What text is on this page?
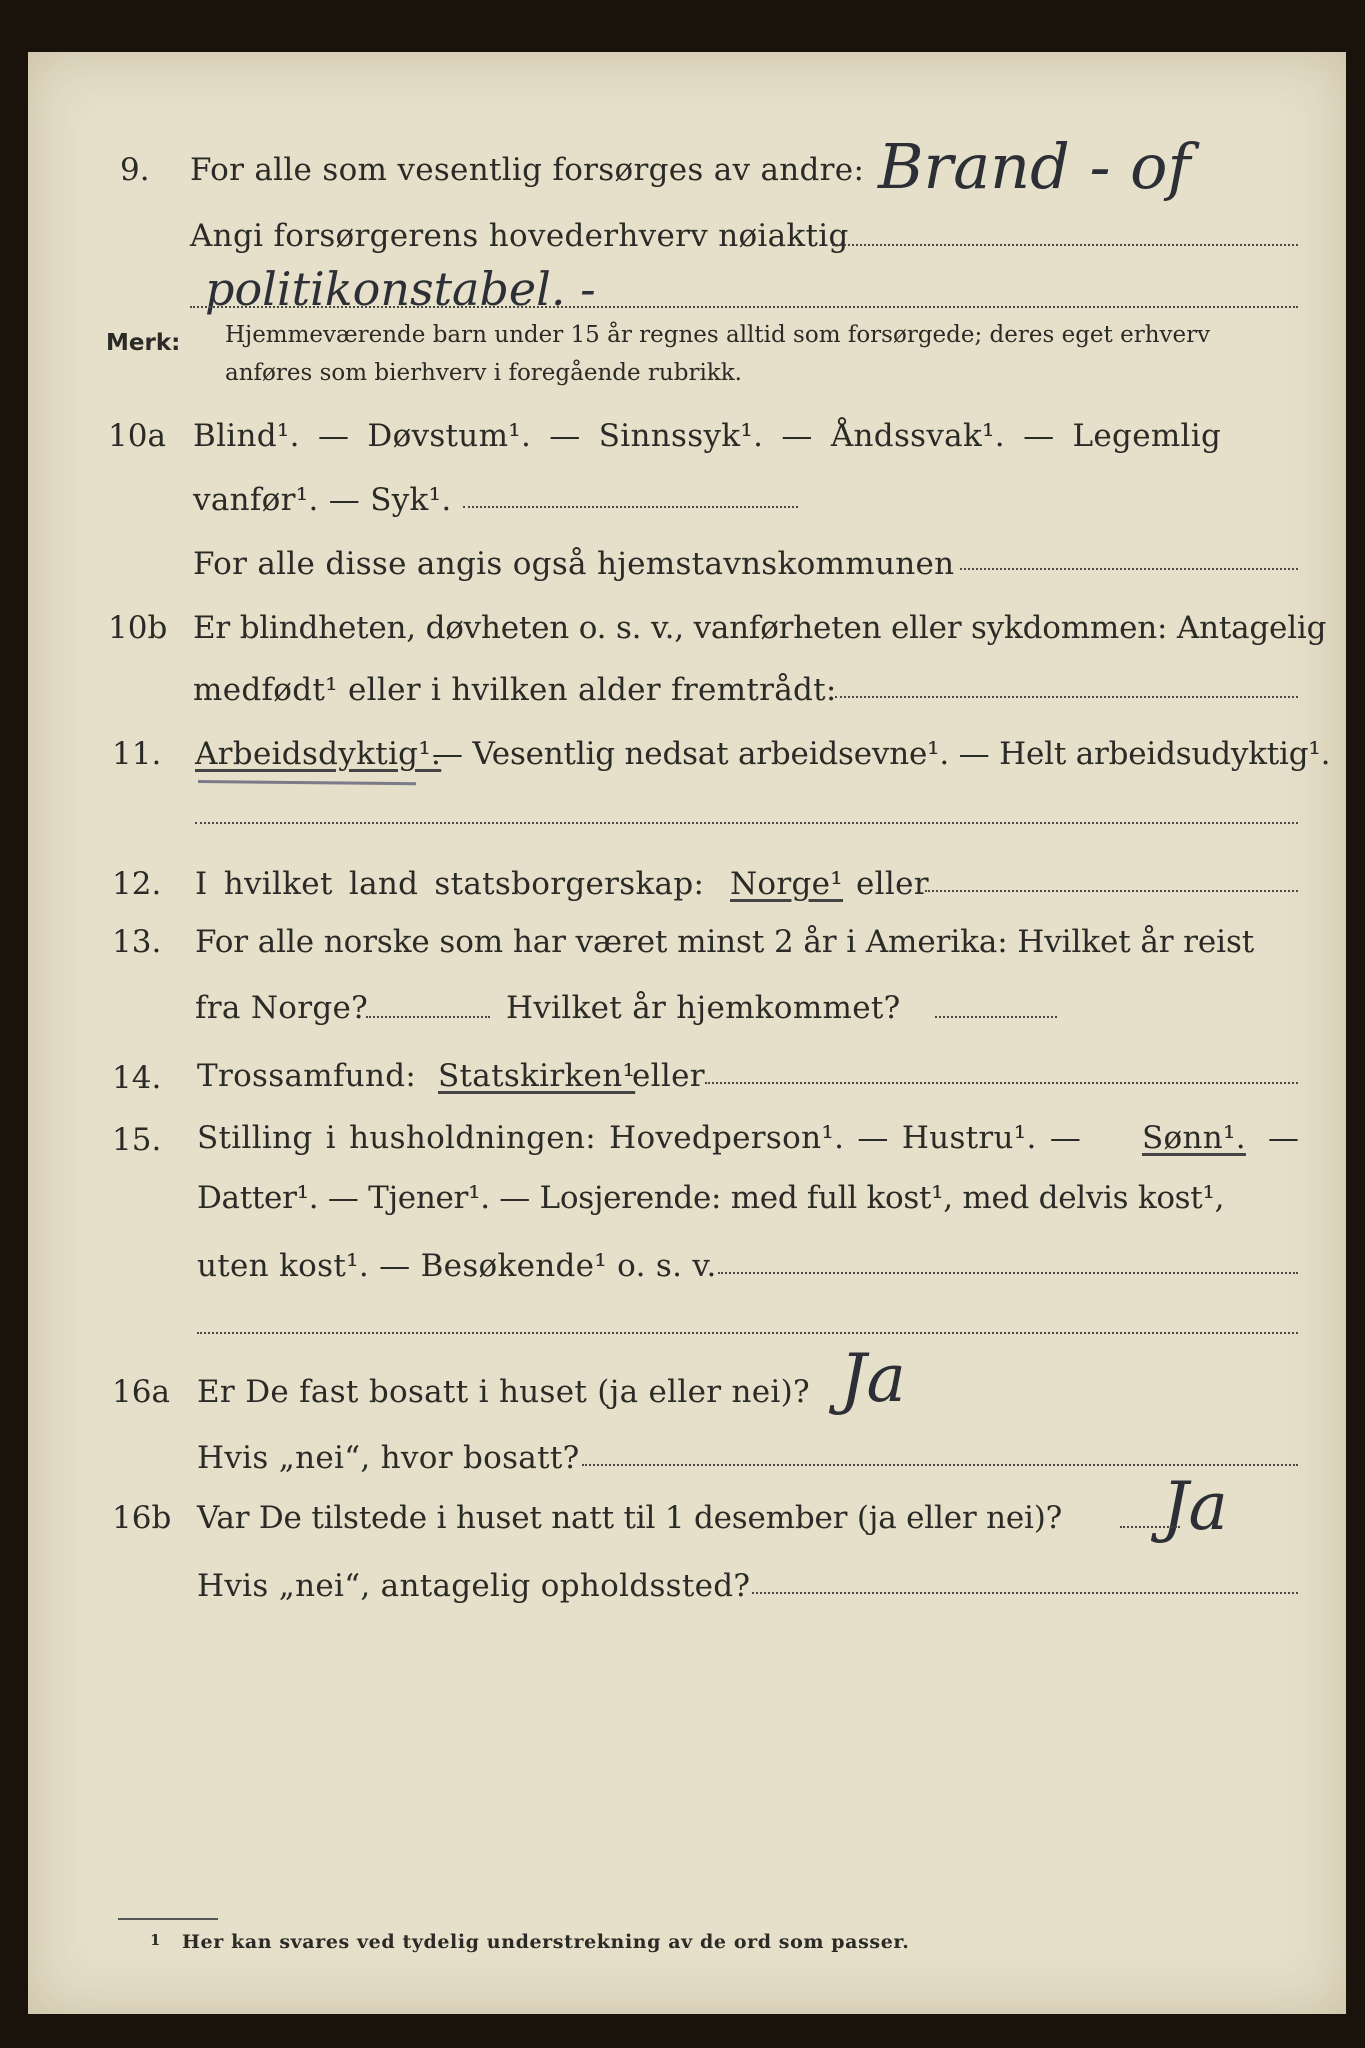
9. For alle som vesentlig forsørges av andre: Brand - of
Angi forsørgerens hovederhverv nøiaktig
politikonstabel. -
Merk: Hjemmeværende barn under 15 år regnes alltid som forsørgede; deres eget erhverv
anføres som bierhverv i foregående rubrikk.
10a Blind¹. — Døvstum¹. — Sinnssyk¹. — Åndssvak¹. — Legemlig
vanfør¹. — Syk¹.
For alle disse angis også hjemstavnskommunen
10b Er blindheten, døvheten o. s. v., vanførheten eller sykdommen: Antagelig
medfødt¹ eller i hvilken alder fremtrådt:
11. Arbeidsdyktig¹.
— Vesentlig nedsat arbeidsevne¹. — Helt arbeidsudyktig¹.
12. I hvilket land statsborgerskap: Norge¹ eller
13. For alle norske som har været minst 2 år i Amerika: Hvilket år reist
fra Norge?	Hvilket år hjemkommet?
14. Trossamfund: Statskirken¹
eller
15. Stilling i husholdningen: Hovedperson¹. — Hustru¹. — Sønn¹. —
Datter¹. — Tjener¹. — Losjerende: med full kost¹, med delvis kost¹,
uten kost¹. — Besøkende¹ o. s. v.
16a Er De fast bosatt i huset (ja eller nei)? Ja
Hvis „nei“, hvor bosatt?
16b Var De tilstede i huset natt til 1 desember (ja eller nei)? Ja
Hvis „nei“, antagelig opholdssted?
1 Her kan svares ved tydelig understrekning av de ord som passer.
